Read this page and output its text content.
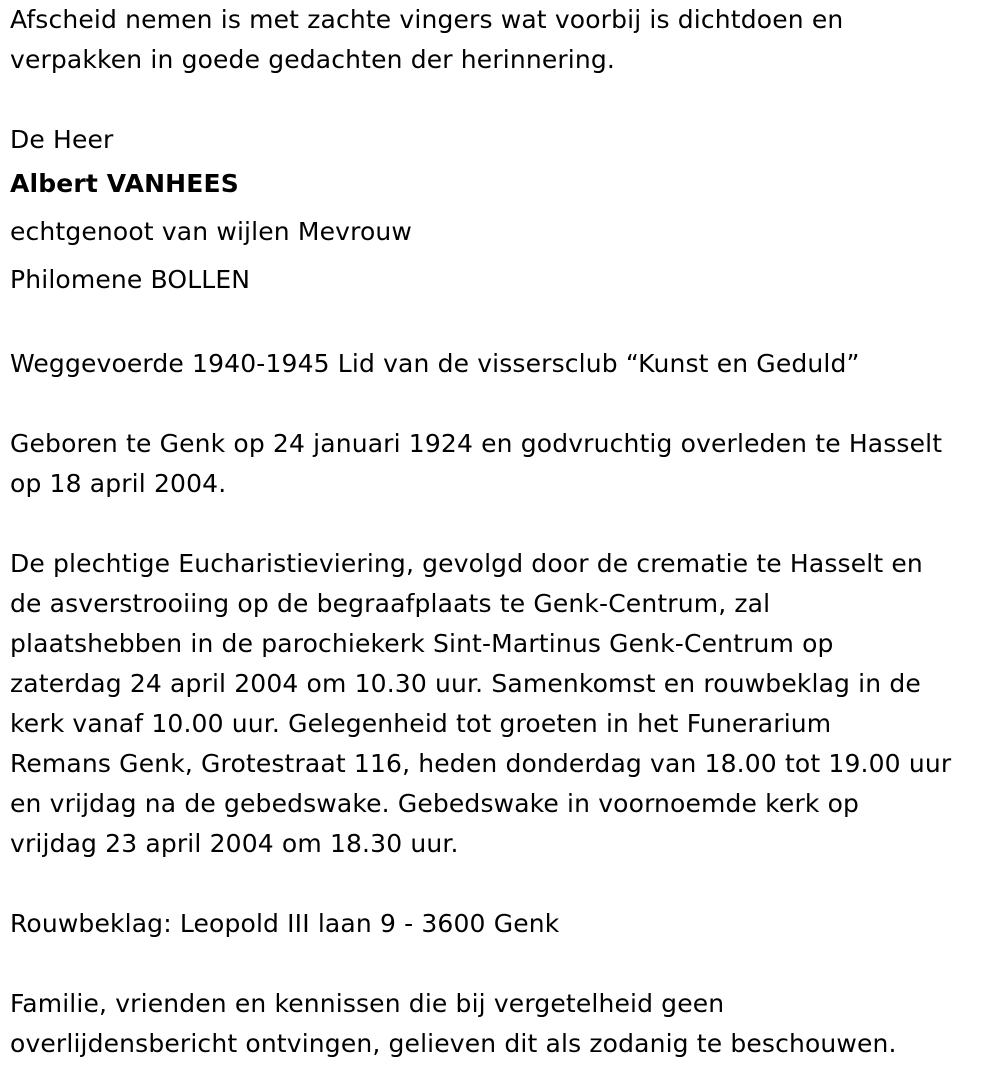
Afscheid nemen is met zachte vingers wat voorbij is dichtdoen en
verpakken in goede gedachten der herinnering.
De Heer
Albert VANHEES
echtgenoot van wijlen Mevrouw
Philomene BOLLEN
Weggevoerde 1940-1945 Lid van de vissersclub “Kunst en Geduld”
Geboren te Genk op 24 januari 1924 en godvruchtig overleden te Hasselt
op 18 april 2004.
De plechtige Eucharistieviering, gevolgd door de crematie te Hasselt en
de asverstrooiing op de begraafplaats te Genk-Centrum, zal
plaatshebben in de parochiekerk Sint-Martinus Genk-Centrum op
zaterdag 24 april 2004 om 10.30 uur. Samenkomst en rouwbeklag in de
kerk vanaf 10.00 uur. Gelegenheid tot groeten in het Funerarium
Remans Genk, Grotestraat 116, heden donderdag van 18.00 tot 19.00 uur
en vrijdag na de gebedswake. Gebedswake in voornoemde kerk op
vrijdag 23 april 2004 om 18.30 uur.
Rouwbeklag: Leopold III laan 9 - 3600 Genk
Familie, vrienden en kennissen die bij vergetelheid geen
overlijdensbericht ontvingen, gelieven dit als zodanig te beschouwen.
